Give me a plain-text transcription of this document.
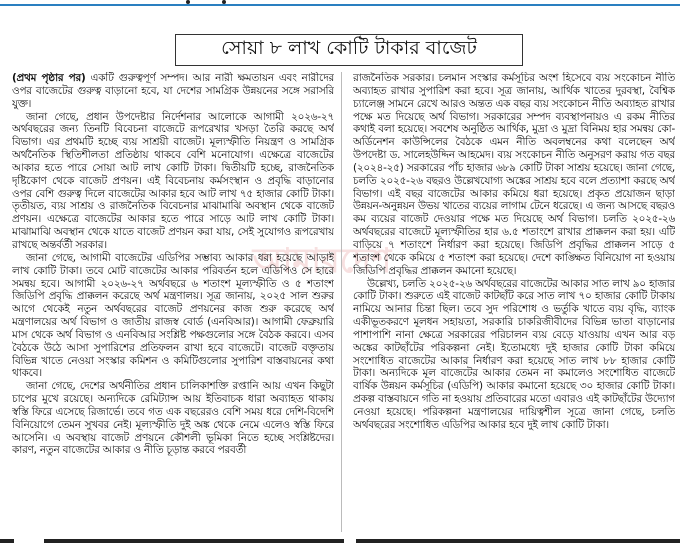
সোয়া ৮ লাখ কোটি টাকার বাজেট
আমারদেশ

(প্রথম পৃষ্ঠার পর) একটি গুরুত্বপূর্ণ সম্পদ। আর নারী ক্ষমতায়ন এবং নারীদের ওপর বাজেটের গুরুত্ব বাড়ানো হবে, যা দেশের সামগ্রিক উন্নয়নের সঙ্গে সরাসরি যুক্ত।

জানা গেছে, প্রধান উপদেষ্টার নির্দেশনার আলোকে আগামী ২০২৬-২৭ অর্থবছরের জন্য তিনটি বিবেচনা বাজেটে রূপরেখার খসড়া তৈরি করছে অর্থ বিভাগ। এর প্রথমটি হচ্ছে ব্যয় সাশ্রয়ী বাজেট। মূল্যস্ফীতি নিয়ন্ত্রণ ও সামগ্রিক অর্থনৈতিক স্থিতিশীলতা প্রতিষ্ঠায় থাকবে বেশি মনোযোগ। এক্ষেত্রে বাজেটের আকার হতে পারে সোয়া আট লাখ কোটি টাকা। দ্বিতীয়টি হচ্ছে, রাজনৈতিক দৃষ্টিকোণ থেকে বাজেট প্রণয়ন। এই বিবেচনায় কর্মসংস্থান ও প্রবৃদ্ধি বাড়ানোর ওপর বেশি গুরুত্ব দিলে বাজেটের আকার হবে আট লাখ ৭৫ হাজার কোটি টাকা। তৃতীয়ত, ব্যয় সাশ্রয় ও রাজনৈতিক বিবেচনার মাঝামাঝি অবস্থান থেকে বাজেট প্রণয়ন। এক্ষেত্রে বাজেটের আকার হতে পারে সাড়ে আট লাখ কোটি টাকা। মাঝামাঝি অবস্থান থেকে যাতে বাজেট প্রণয়ন করা যায়, সেই সুযোগও রূপরেখায় রাখছে অন্তর্বর্তী সরকার।

জানা গেছে, আগামী বাজেটের এডিপির সম্ভাব্য আকার ধরা হয়েছে আড়াই লাখ কোটি টাকা। তবে মোট বাজেটের আকার পরিবর্তন হলে এডিপিও সে হারে সমন্বয় হবে। আগামী ২০২৬-২৭ অর্থবছরে ৬ শতাংশ মূল্যস্ফীতি ও ৫ শতাংশ জিডিপি প্রবৃদ্ধি প্রাক্কলন করেছে অর্থ মন্ত্রণালয়। সূত্র জানায়, ২০২৫ সাল শুরুর আগে থেকেই নতুন অর্থবছরের বাজেট প্রণয়নের কাজ শুরু করেছে অর্থ মন্ত্রণালয়ের অর্থ বিভাগ ও জাতীয় রাজস্ব বোর্ড (এনবিআর)। আগামী ফেব্রুয়ারি মাস থেকে অর্থ বিভাগ ও এনবিআর সংশ্লিষ্ট পক্ষগুলোর সঙ্গে বৈঠক করবে। এসব বৈঠকে উঠে আসা সুপারিশের প্রতিফলন রাখা হবে বাজেটে। বাজেট বক্তৃতায় বিভিন্ন খাতে নেওয়া সংস্কার কমিশন ও কমিটিগুলোর সুপারিশ বাস্তবায়নের কথা থাকবে।

জানা গেছে, দেশের অর্থনীতির প্রধান চালিকাশক্তি রপ্তানি আয় এখন কিছুটা চাপের মুখে রয়েছে। অন্যদিকে রেমিট্যান্স আয় ইতিবাচক ধারা অব্যাহত থাকায় স্বস্তি ফিরে এসেছে রিজার্ভে। তবে গত এক বছরেরও বেশি সময় ধরে দেশি-বিদেশি বিনিয়োগে তেমন সুখবর নেই। মূল্যস্ফীতি দুই অঙ্ক থেকে নেমে এলেও স্বস্তি ফিরে আসেনি। এ অবস্থায় বাজেট প্রণয়নে কৌশলী ভূমিকা নিতে হচ্ছে সংশ্লিষ্টদের। কারণ, নতুন বাজেটের আকার ও নীতি চূড়ান্ত করবে পরবর্তী

রাজনৈতিক সরকার। চলমান সংস্কার কর্মসূচির অংশ হিসেবে ব্যয় সংকোচন নীতি অব্যাহত রাখার সুপারিশ করা হবে। সূত্র জানায়, আর্থিক খাতের দুরবস্থা, বৈশ্বিক চ্যালেঞ্জ সামনে রেখে আরও অন্তত এক বছর ব্যয় সংকোচন নীতি অব্যাহত রাখার পক্ষে মত দিয়েছে অর্থ বিভাগ। সরকারের সম্পদ ব্যবস্থাপনায়ও এ রকম নীতির কথাই বলা হয়েছে। সবশেষ অনুষ্ঠিত আর্থিক, মুদ্রা ও মুদ্রা বিনিময় হার সমন্বয় কো-অর্ডিনেশন কাউন্সিলের বৈঠকে এমন নীতি অবলম্বনের কথা বলেছেন অর্থ উপদেষ্টা ড. সালেহউদ্দিন আহমেদ। ব্যয় সংকোচন নীতি অনুসরণ করায় গত বছর (২০২৪-২৫) সরকারের পাঁচ হাজার ৬৮৯ কোটি টাকা সাশ্রয় হয়েছে। জানা গেছে, চলতি ২০২৫-২৬ বছরও উল্লেখযোগ্য অঙ্কের সাশ্রয় হবে বলে প্রত্যাশা করছে অর্থ বিভাগ। এই বছর বাজেটের আকার কমিয়ে ধরা হয়েছে। প্রকৃত প্রয়োজন ছাড়া উন্নয়ন-অনুন্নয়ন উভয় খাতের ব্যয়ের লাগাম টেনে ধরেছে। এ জন্য আসছে বছরও কম ব্যয়ের বাজেট দেওয়ার পক্ষে মত দিয়েছে অর্থ বিভাগ। চলতি ২০২৫-২৬ অর্থবছরের বাজেটে মূল্যস্ফীতির হার ৬.৫ শতাংশে রাখার প্রাক্কলন করা হয়। এটি বাড়িয়ে ৭ শতাংশে নির্ধারণ করা হয়েছে। জিডিপি প্রবৃদ্ধির প্রাক্কলন সাড়ে ৫ শতাংশ থেকে কমিয়ে ৫ শতাংশ করা হয়েছে। দেশে কাঙ্ক্ষিত বিনিয়োগ না হওয়ায় জিডিপি প্রবৃদ্ধির প্রাক্কলন কমানো হয়েছে।

উল্লেখ্য, চলতি ২০২৫-২৬ অর্থবছরের বাজেটের আকার সাত লাখ ৯০ হাজার কোটি টাকা। শুরুতে এই বাজেট কাটছাঁট করে সাত লাখ ৭০ হাজার কোটি টাকায় নামিয়ে আনার চিন্তা ছিল। তবে সুদ পরিশোধ ও ভর্তুকি খাতে ব্যয় বৃদ্ধি, ব্যাংক একীভূতকরণে মূলধন সহায়তা, সরকারি চাকরিজীবীদের বিভিন্ন ভাতা বাড়ানোর পাশাপাশি নানা ক্ষেত্রে সরকারের পরিচালন ব্যয় বেড়ে যাওয়ায় এখন আর বড় অঙ্কের কাটছাঁটের পরিকল্পনা নেই। ইতোমধ্যে দুই হাজার কোটি টাকা কমিয়ে সংশোধিত বাজেটের আকার নির্ধারণ করা হয়েছে সাত লাখ ৮৮ হাজার কোটি টাকা। অন্যদিকে মূল বাজেটের আকার তেমন না কমালেও সংশোধিত বাজেটে বার্ষিক উন্নয়ন কর্মসূচির (এডিপি) আকার কমানো হয়েছে ৩০ হাজার কোটি টাকা। প্রকল্প বাস্তবায়নে গতি না হওয়ায় প্রতিবারের মতো এবারও এই কাটছাঁটের উদ্যোগ নেওয়া হয়েছে। পরিকল্পনা মন্ত্রণালয়ের দায়িত্বশীল সূত্রে জানা গেছে, চলতি অর্থবছরের সংশোধিত এডিপির আকার হবে দুই লাখ কোটি টাকা।
